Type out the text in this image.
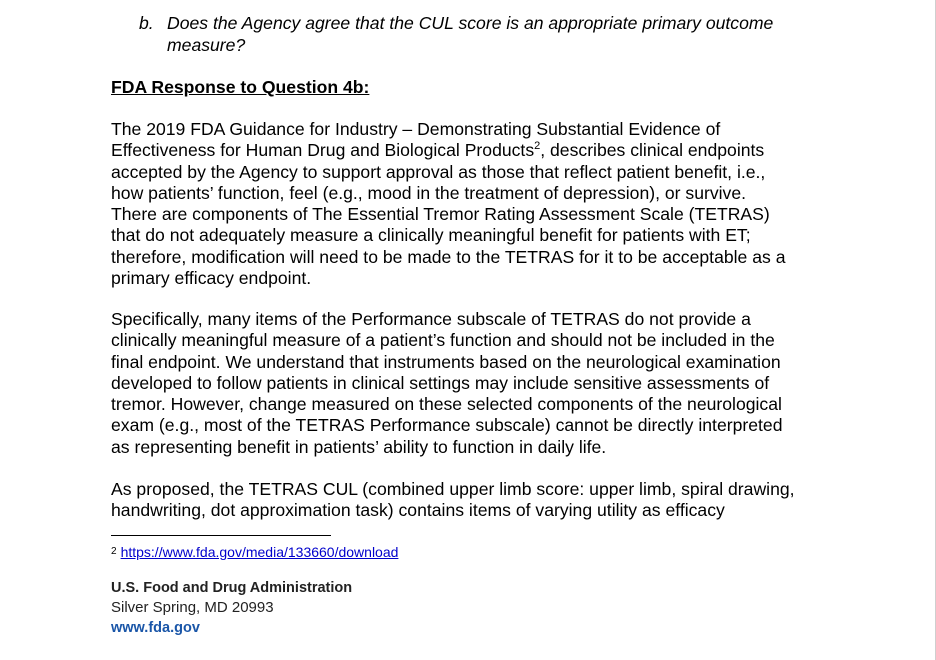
b. Does the Agency agree that the CUL score is an appropriate primary outcome measure?
FDA Response to Question 4b:
The 2019 FDA Guidance for Industry – Demonstrating Substantial Evidence of
Effectiveness for Human Drug and Biological Products$^2$, describes clinical endpoints
accepted by the Agency to support approval as those that reflect patient benefit, i.e.,
how patients’ function, feel (e.g., mood in the treatment of depression), or survive.
There are components of The Essential Tremor Rating Assessment Scale (TETRAS)
that do not adequately measure a clinically meaningful benefit for patients with ET;
therefore, modification will need to be made to the TETRAS for it to be acceptable as a
primary efficacy endpoint.
Specifically, many items of the Performance subscale of TETRAS do not provide a
clinically meaningful measure of a patient’s function and should not be included in the
final endpoint. We understand that instruments based on the neurological examination
developed to follow patients in clinical settings may include sensitive assessments of
tremor. However, change measured on these selected components of the neurological
exam (e.g., most of the TETRAS Performance subscale) cannot be directly interpreted
as representing benefit in patients’ ability to function in daily life.
As proposed, the TETRAS CUL (combined upper limb score: upper limb, spiral drawing,
handwriting, dot approximation task) contains items of varying utility as efficacy
$^2$ https://www.fda.gov/media/133660/download
U.S. Food and Drug Administration
Silver Spring, MD 20993
www.fda.gov
